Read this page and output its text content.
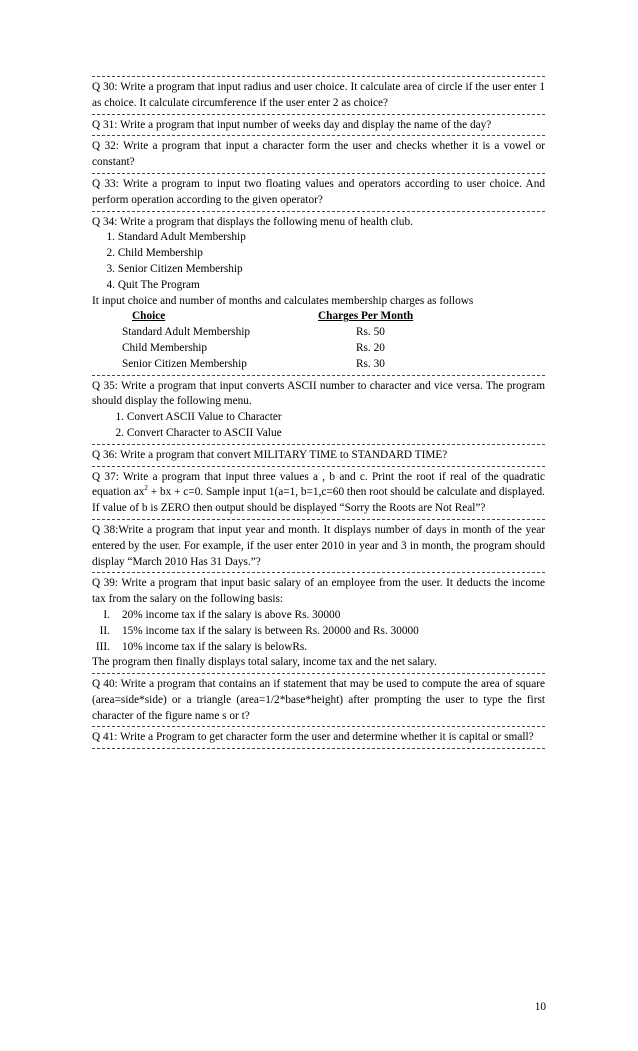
Q 30: Write a program that input radius and user choice. It calculate area of circle if the user enter 1 as choice. It calculate circumference if the user enter 2 as choice?

Q 31: Write a program that input number of weeks day and display the name of the day?

Q 32: Write a program that input a character form the user and checks whether it is a vowel or constant?

Q 33: Write a program to input two floating values and operators according to user choice. And perform operation according to the given operator?

Q 34: Write a program that displays the following menu of health club.

1. Standard Adult Membership
2. Child Membership
3. Senior Citizen Membership
4. Quit The Program

It input choice and number of months and calculates membership charges as follows

Choice	Charges Per Month
Standard Adult Membership	Rs. 50
Child Membership	Rs. 20
Senior Citizen Membership	Rs. 30

Q 35: Write a program that input converts ASCII number to character and vice versa. The program should display the following menu.

1. Convert ASCII Value to Character
2. Convert Character to ASCII Value

Q 36: Write a program that convert MILITARY TIME to STANDARD TIME?

Q 37: Write a program that input three values a , b and c. Print the root if real of the quadratic equation $ax^2$ + bx + c=0. Sample input 1(a=1, b=1,c=60 then root should be calculate and displayed. If value of b is ZERO then output should be displayed “Sorry the Roots are Not Real”?

Q 38:Write a program that input year and month. It displays number of days in month of the year entered by the user. For example, if the user enter 2010 in year and 3 in month, the program should display “March 2010 Has 31 Days.”?

Q 39: Write a program that input basic salary of an employee from the user. It deducts the income tax from the salary on the following basis:

I. 20% income tax if the salary is above Rs. 30000
II. 15% income tax if the salary is between Rs. 20000 and Rs. 30000
III. 10% income tax if the salary is belowRs.

The program then finally displays total salary, income tax and the net salary.

Q 40: Write a program that contains an if statement that may be used to compute the area of square (area=side*side) or a triangle (area=1/2*base*height) after prompting the user to type the first character of the figure name s or t?

Q 41: Write a Program to get character form the user and determine whether it is capital or small?

10
